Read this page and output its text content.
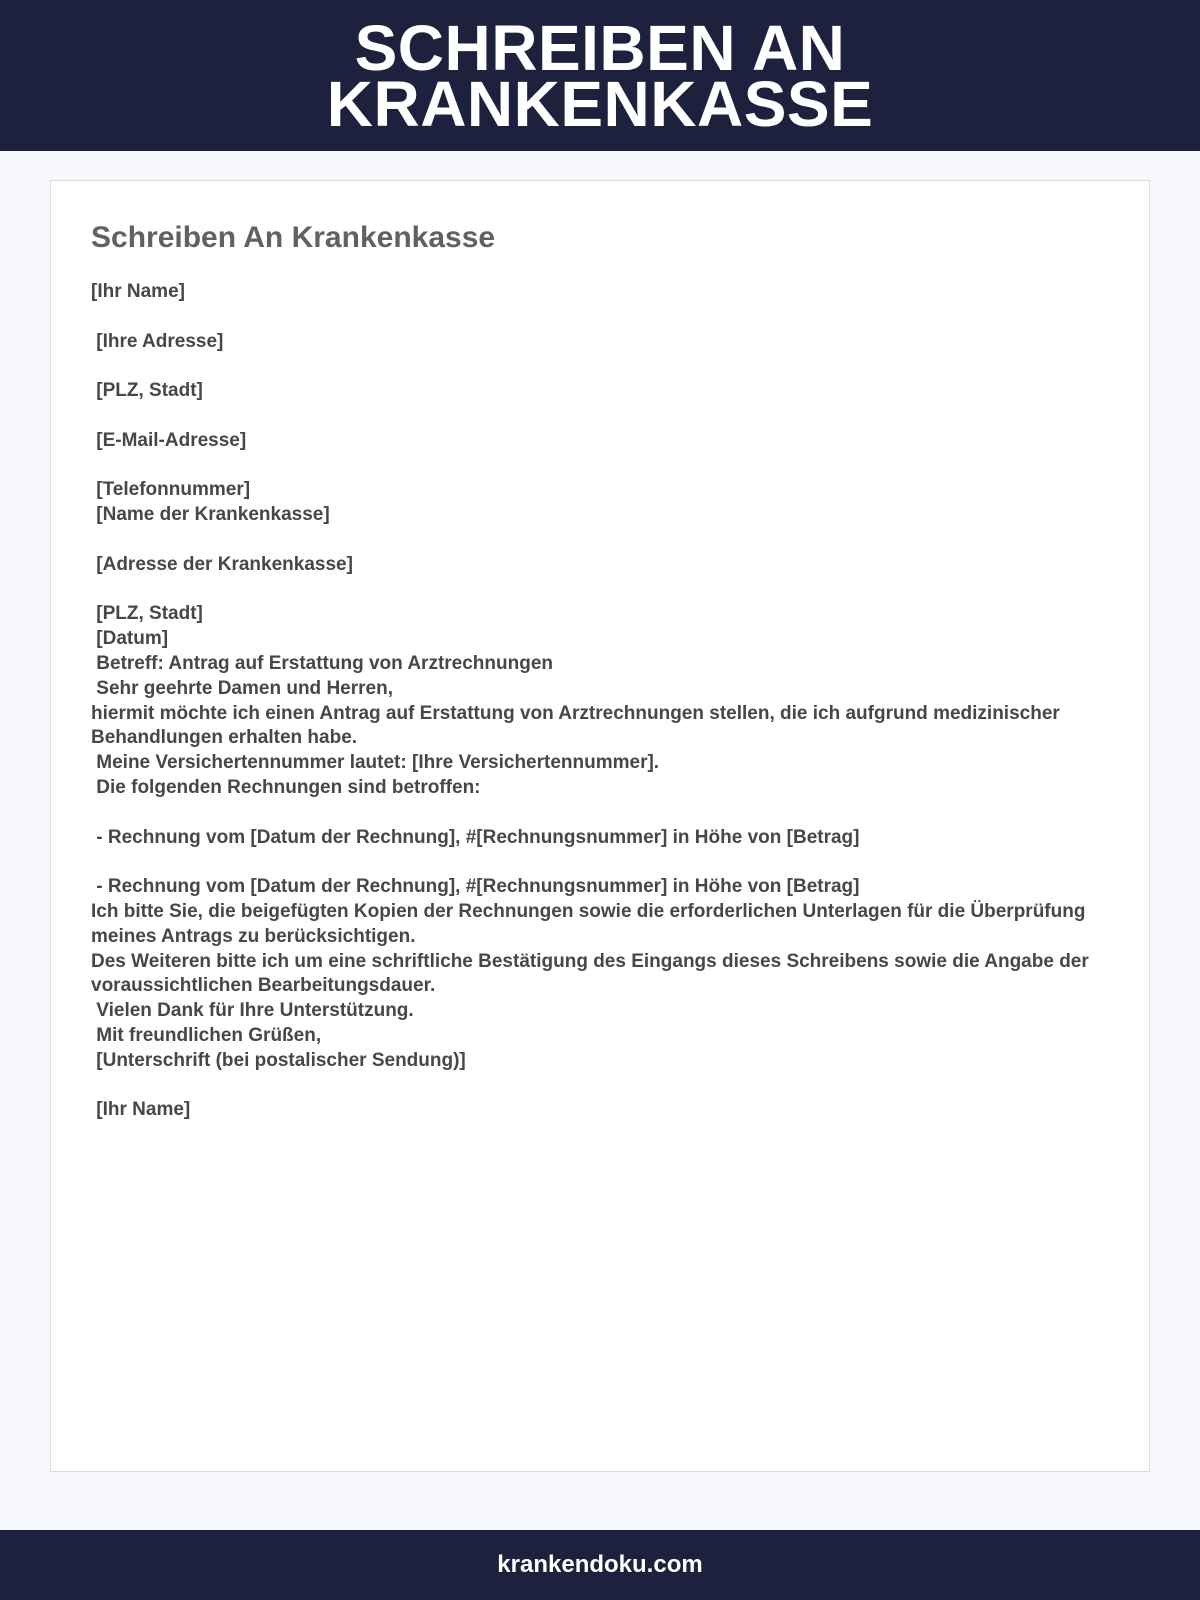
SCHREIBEN AN KRANKENKASSE
Schreiben An Krankenkasse
[Ihr Name]

[Ihre Adresse]

[PLZ, Stadt]

[E-Mail-Adresse]

[Telefonnummer]
[Name der Krankenkasse]

[Adresse der Krankenkasse]

[PLZ, Stadt]
[Datum]
Betreff: Antrag auf Erstattung von Arztrechnungen
Sehr geehrte Damen und Herren,
hiermit möchte ich einen Antrag auf Erstattung von Arztrechnungen stellen, die ich aufgrund medizinischer Behandlungen erhalten habe.
Meine Versichertennummer lautet: [Ihre Versichertennummer].
Die folgenden Rechnungen sind betroffen:

- Rechnung vom [Datum der Rechnung], #[Rechnungsnummer] in Höhe von [Betrag]

- Rechnung vom [Datum der Rechnung], #[Rechnungsnummer] in Höhe von [Betrag]
Ich bitte Sie, die beigefügten Kopien der Rechnungen sowie die erforderlichen Unterlagen für die Überprüfung meines Antrags zu berücksichtigen.
Des Weiteren bitte ich um eine schriftliche Bestätigung des Eingangs dieses Schreibens sowie die Angabe der voraussichtlichen Bearbeitungsdauer.
Vielen Dank für Ihre Unterstützung.
Mit freundlichen Grüßen,
[Unterschrift (bei postalischer Sendung)]

[Ihr Name]
krankendoku.com
